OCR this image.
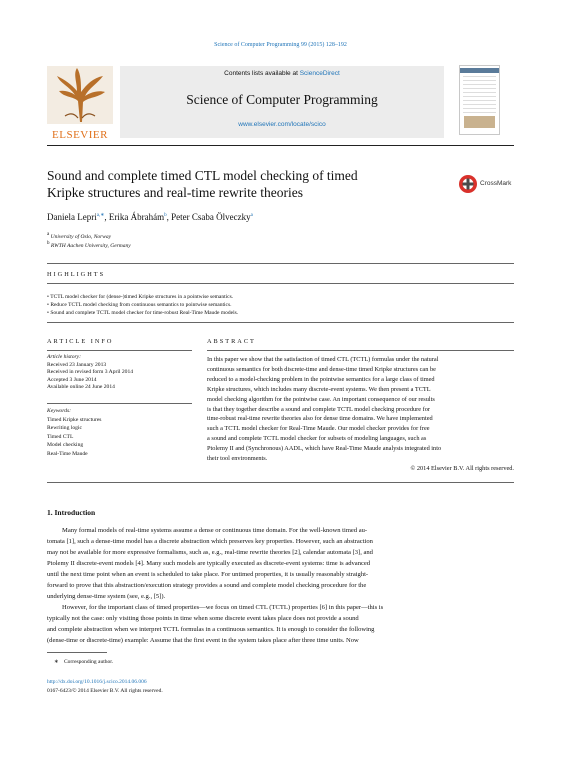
Science of Computer Programming 99 (2015) 128–192
ELSEVIER
Contents lists available at ScienceDirect
Science of Computer Programming
www.elsevier.com/locate/scico
Sound and complete timed CTL model checking of timed
Kripke structures and real-time rewrite theories
CrossMark
Daniela Lepri$^{a,∗}$, Erika Ábrahám$^b$, Peter Csaba Ölveczky$^a$
a University of Oslo, Norway
b RWTH Aachen University, Germany
HIGHLIGHTS
• TCTL model checker for (dense-)timed Kripke structures in a pointwise semantics.
• Reduce TCTL model checking from continuous semantics to pointwise semantics.
• Sound and complete TCTL model checker for time-robust Real-Time Maude models.
ARTICLE INFO
Article history:
Received 23 January 2013
Received in revised form 3 April 2014
Accepted 3 June 2014
Available online 24 June 2014
Keywords:
Timed Kripke structures
Rewriting logic
Timed CTL
Model checking
Real-Time Maude
ABSTRACT
In this paper we show that the satisfaction of timed CTL (TCTL) formulas under the natural
continuous semantics for both discrete-time and dense-time timed Kripke structures can be
reduced to a model-checking problem in the pointwise semantics for a large class of timed
Kripke structures, which includes many discrete-event systems. We then present a TCTL
model checking algorithm for the pointwise case. An important consequence of our results
is that they together describe a sound and complete TCTL model checking procedure for
time-robust real-time rewrite theories also for dense time domains. We have implemented
such a TCTL model checker for Real-Time Maude. Our model checker provides for free
a sound and complete TCTL model checker for subsets of modeling languages, such as
Ptolemy II and (Synchronous) AADL, which have Real-Time Maude analysis integrated into
their tool environments.
© 2014 Elsevier B.V. All rights reserved.
1. Introduction
Many formal models of real-time systems assume a dense or continuous time domain. For the well-known timed au-
tomata [1], such a dense-time model has a discrete abstraction which preserves key properties. However, such an abstraction
may not be available for more expressive formalisms, such as, e.g., real-time rewrite theories [2], calendar automata [3], and
Ptolemy II discrete-event models [4]. Many such models are typically executed as discrete-event systems: time is advanced
until the next time point when an event is scheduled to take place. For untimed properties, it is usually reasonably straight-
forward to prove that this abstraction/execution strategy provides a sound and complete model checking procedure for the
underlying dense-time system (see, e.g., [5]).
However, for the important class of timed properties—we focus on timed CTL (TCTL) properties [6] in this paper—this is
typically not the case: only visiting those points in time when some discrete event takes place does not provide a sound
and complete abstraction when we interpret TCTL formulas in a continuous semantics. It is enough to consider the following
(dense-time or discrete-time) example: Assume that the first event in the system takes place after three time units. Now
∗ Corresponding author.
http://dx.doi.org/10.1016/j.scico.2014.06.006
0167-6423/© 2014 Elsevier B.V. All rights reserved.
